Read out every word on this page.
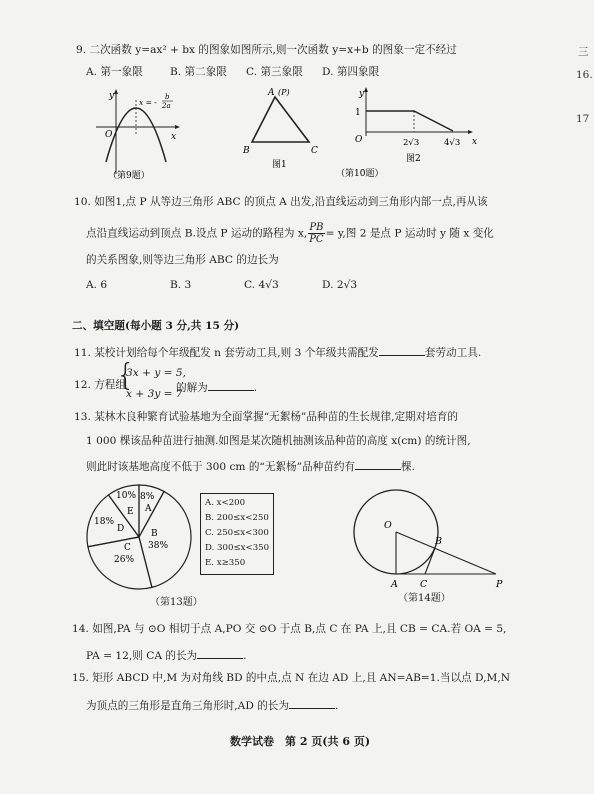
三
16.
17
9. 二次函数 y=ax² + bx 的图象如图所示,则一次函数 y=x+b 的图象一定不经过
A. 第一象限	B. 第二象限 C. 第三象限 D. 第四象限
y
x
O
x = -
b
2a
（第9题）
A (P)
B	C
图1
y
x
O
1
2√3	4√3
图2
（第10题）
10. 如图1,点 P 从等边三角形 ABC 的顶点 A 出发,沿直线运动到三角形内部一点,再从该
点沿直线运动到顶点 B.设点 P 运动的路程为 x, $\frac{PB}{PC} = y$,图 2 是点 P 运动时 y 随 x 变化
的关系图象,则等边三角形 ABC 的边长为
A. 6	B. 3	C. 4√3	D. 2√3
二、填空题(每小题 3 分,共 15 分)
11. 某校计划给每个年级配发 n 套劳动工具,则 3 个年级共需配发	套劳动工具.
12. 方程组
{
3x + y = 5,
x + 3y = 7
的解为	.
13. 某林木良种繁育试验基地为全面掌握“无絮杨”品种苗的生长规律,定期对培育的
1 000 棵该品种苗进行抽测.如图是某次随机抽测该品种苗的高度 x(cm) 的统计图,
则此时该基地高度不低于 300 cm 的“无絮杨”品种苗约有	棵.
A
8%
B
38%
C
26%
D
18%
E
10%
A. x<200
B. 200≤x<250
C. 250≤x<300
D. 300≤x<350
E. x≥350
（第13题）
O
A
B
C	P
（第14题）
14. 如图,PA 与 ⊙O 相切于点 A,PO 交 ⊙O 于点 B,点 C 在 PA 上,且 CB = CA.若 OA = 5,
PA = 12,则 CA 的长为	.
15. 矩形 ABCD 中,M 为对角线 BD 的中点,点 N 在边 AD 上,且 AN=AB=1.当以点 D,M,N
为顶点的三角形是直角三角形时,AD 的长为	.
数学试卷　第 2 页(共 6 页)
